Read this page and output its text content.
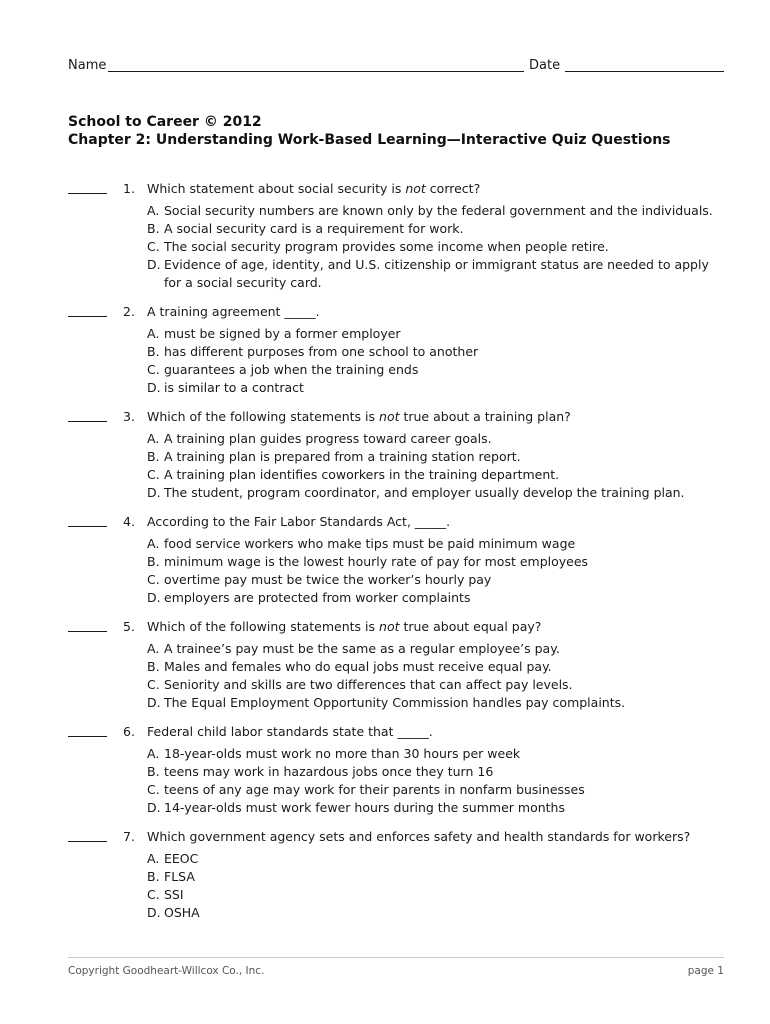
Name	Date
School to Career © 2012
Chapter 2: Understanding Work-Based Learning—Interactive Quiz Questions
1. Which statement about social security is not correct?
A. Social security numbers are known only by the federal government and the individuals.
B. A social security card is a requirement for work.
C. The social security program provides some income when people retire.
D. Evidence of age, identity, and U.S. citizenship or immigrant status are needed to apply for a social security card.
2. A training agreement _____.
A. must be signed by a former employer
B. has different purposes from one school to another
C. guarantees a job when the training ends
D. is similar to a contract
3. Which of the following statements is not true about a training plan?
A. A training plan guides progress toward career goals.
B. A training plan is prepared from a training station report.
C. A training plan identifies coworkers in the training department.
D. The student, program coordinator, and employer usually develop the training plan.
4. According to the Fair Labor Standards Act, _____.
A. food service workers who make tips must be paid minimum wage
B. minimum wage is the lowest hourly rate of pay for most employees
C. overtime pay must be twice the worker’s hourly pay
D. employers are protected from worker complaints
5. Which of the following statements is not true about equal pay?
A. A trainee’s pay must be the same as a regular employee’s pay.
B. Males and females who do equal jobs must receive equal pay.
C. Seniority and skills are two differences that can affect pay levels.
D. The Equal Employment Opportunity Commission handles pay complaints.
6. Federal child labor standards state that _____.
A. 18-year-olds must work no more than 30 hours per week
B. teens may work in hazardous jobs once they turn 16
C. teens of any age may work for their parents in nonfarm businesses
D. 14-year-olds must work fewer hours during the summer months
7. Which government agency sets and enforces safety and health standards for workers?
A. EEOC
B. FLSA
C. SSI
D. OSHA
Copyright Goodheart-Willcox Co., Inc.	page 1
